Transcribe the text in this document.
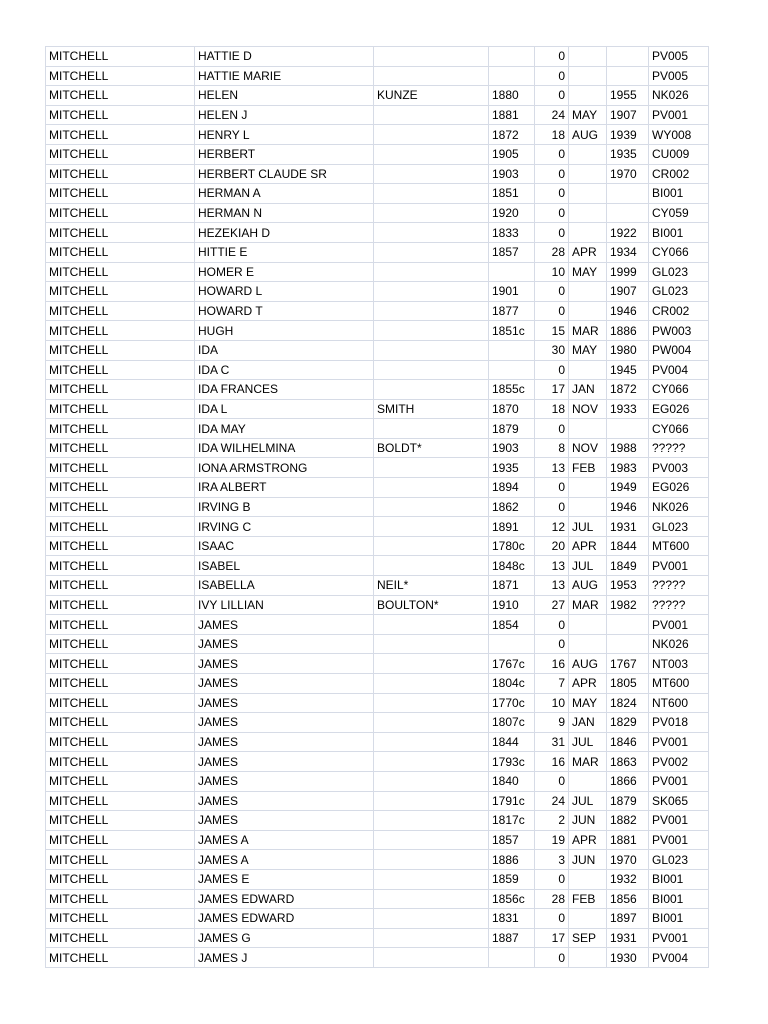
MITCHELL	HATTIE D			0			PV005
MITCHELL	HATTIE MARIE			0			PV005
MITCHELL	HELEN	KUNZE	1880	0		1955	NK026
MITCHELL	HELEN J		1881	24	MAY	1907	PV001
MITCHELL	HENRY L		1872	18	AUG	1939	WY008
MITCHELL	HERBERT		1905	0		1935	CU009
MITCHELL	HERBERT CLAUDE SR		1903	0		1970	CR002
MITCHELL	HERMAN A		1851	0			BI001
MITCHELL	HERMAN N		1920	0			CY059
MITCHELL	HEZEKIAH D		1833	0		1922	BI001
MITCHELL	HITTIE E		1857	28	APR	1934	CY066
MITCHELL	HOMER E			10	MAY	1999	GL023
MITCHELL	HOWARD L		1901	0		1907	GL023
MITCHELL	HOWARD T		1877	0		1946	CR002
MITCHELL	HUGH		1851c	15	MAR	1886	PW003
MITCHELL	IDA			30	MAY	1980	PW004
MITCHELL	IDA C			0		1945	PV004
MITCHELL	IDA FRANCES		1855c	17	JAN	1872	CY066
MITCHELL	IDA L	SMITH	1870	18	NOV	1933	EG026
MITCHELL	IDA MAY		1879	0			CY066
MITCHELL	IDA WILHELMINA	BOLDT*	1903	8	NOV	1988	?????
MITCHELL	IONA ARMSTRONG		1935	13	FEB	1983	PV003
MITCHELL	IRA ALBERT		1894	0		1949	EG026
MITCHELL	IRVING B		1862	0		1946	NK026
MITCHELL	IRVING C		1891	12	JUL	1931	GL023
MITCHELL	ISAAC		1780c	20	APR	1844	MT600
MITCHELL	ISABEL		1848c	13	JUL	1849	PV001
MITCHELL	ISABELLA	NEIL*	1871	13	AUG	1953	?????
MITCHELL	IVY LILLIAN	BOULTON*	1910	27	MAR	1982	?????
MITCHELL	JAMES		1854	0			PV001
MITCHELL	JAMES			0			NK026
MITCHELL	JAMES		1767c	16	AUG	1767	NT003
MITCHELL	JAMES		1804c	7	APR	1805	MT600
MITCHELL	JAMES		1770c	10	MAY	1824	NT600
MITCHELL	JAMES		1807c	9	JAN	1829	PV018
MITCHELL	JAMES		1844	31	JUL	1846	PV001
MITCHELL	JAMES		1793c	16	MAR	1863	PV002
MITCHELL	JAMES		1840	0		1866	PV001
MITCHELL	JAMES		1791c	24	JUL	1879	SK065
MITCHELL	JAMES		1817c	2	JUN	1882	PV001
MITCHELL	JAMES A		1857	19	APR	1881	PV001
MITCHELL	JAMES A		1886	3	JUN	1970	GL023
MITCHELL	JAMES E		1859	0		1932	BI001
MITCHELL	JAMES EDWARD		1856c	28	FEB	1856	BI001
MITCHELL	JAMES EDWARD		1831	0		1897	BI001
MITCHELL	JAMES G		1887	17	SEP	1931	PV001
MITCHELL	JAMES J			0		1930	PV004
